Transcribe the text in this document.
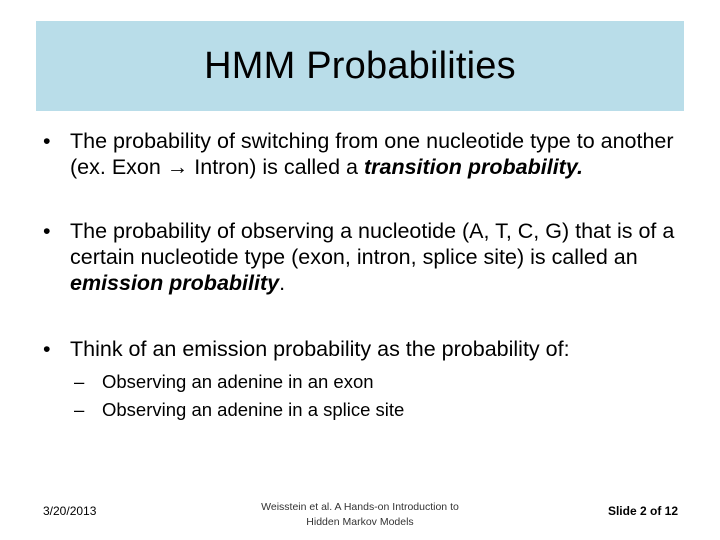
HMM Probabilities
• The probability of switching from one nucleotide type to another (ex. Exon → Intron) is called a transition probability.
• The probability of observing a nucleotide (A, T, C, G) that is of a certain nucleotide type (exon, intron, splice site) is called an emission probability.
• Think of an emission probability as the probability of:
– Observing an adenine in an exon
– Observing an adenine in a splice site
3/20/2013	Weisstein et al. A Hands-on Introduction to
Hidden Markov Models
Slide 2 of 12
